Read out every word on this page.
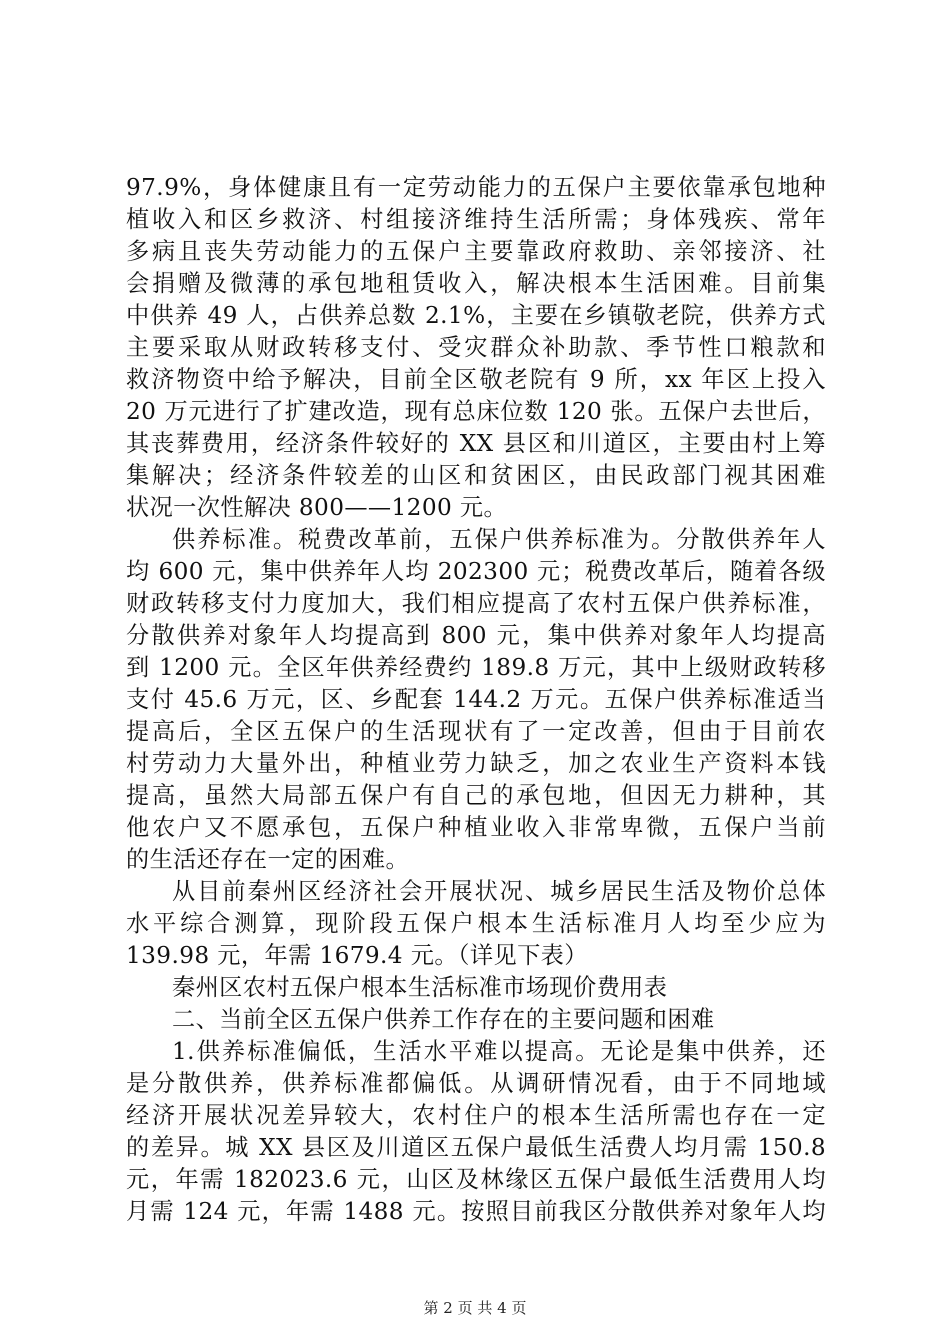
97.9%，身体健康且有一定劳动能力的五保户主要依靠承包地种
植收入和区乡救济、村组接济维持生活所需；身体残疾、常年
多病且丧失劳动能力的五保户主要靠政府救助、亲邻接济、社
会捐赠及微薄的承包地租赁收入，解决根本生活困难。目前集
中供养 49 人，占供养总数 2.1%，主要在乡镇敬老院，供养方式
主要采取从财政转移支付、受灾群众补助款、季节性口粮款和
救济物资中给予解决，目前全区敬老院有 9 所，xx 年区上投入
20 万元进行了扩建改造，现有总床位数 120 张。五保户去世后，
其丧葬费用，经济条件较好的 XX 县区和川道区，主要由村上筹
集解决；经济条件较差的山区和贫困区，由民政部门视其困难
状况一次性解决 800——1200 元。
供养标准。税费改革前，五保户供养标准为。分散供养年人
均 600 元，集中供养年人均 202300 元；税费改革后，随着各级
财政转移支付力度加大，我们相应提高了农村五保户供养标准，
分散供养对象年人均提高到 800 元，集中供养对象年人均提高
到 1200 元。全区年供养经费约 189.8 万元，其中上级财政转移
支付 45.6 万元，区、乡配套 144.2 万元。五保户供养标准适当
提高后，全区五保户的生活现状有了一定改善，但由于目前农
村劳动力大量外出，种植业劳力缺乏，加之农业生产资料本钱
提高，虽然大局部五保户有自己的承包地，但因无力耕种，其
他农户又不愿承包，五保户种植业收入非常卑微，五保户当前
的生活还存在一定的困难。
从目前秦州区经济社会开展状况、城乡居民生活及物价总体
水平综合测算，现阶段五保户根本生活标准月人均至少应为
139.98 元，年需 1679.4 元。（详见下表）
秦州区农村五保户根本生活标准市场现价费用表
二、当前全区五保户供养工作存在的主要问题和困难
1.供养标准偏低，生活水平难以提高。无论是集中供养，还
是分散供养，供养标准都偏低。从调研情况看，由于不同地域
经济开展状况差异较大，农村住户的根本生活所需也存在一定
的差异。城 XX 县区及川道区五保户最低生活费人均月需 150.8
元，年需 182023.6 元，山区及林缘区五保户最低生活费用人均
月需 124 元，年需 1488 元。按照目前我区分散供养对象年人均
第 2 页 共 4 页
